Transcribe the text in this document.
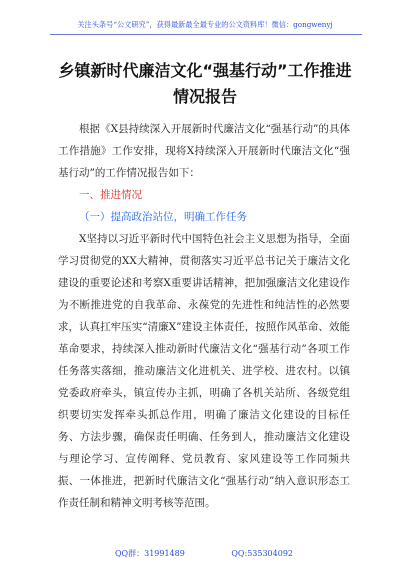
关注头条号“公文研究”，获得最新最全最专业的公文资料库！微信：gongwenyj
乡镇新时代廉洁文化“强基行动”工作推进情况报告

根据《X县持续深入开展新时代廉洁文化“强基行动”的具体工作措施》工作安排，现将X持续深入开展新时代廉洁文化“强基行动”的工作情况报告如下：

一、推进情况

（一）提高政治站位，明确工作任务

X坚持以习近平新时代中国特色社会主义思想为指导，全面学习贯彻党的XX大精神，贯彻落实习近平总书记关于廉洁文化建设的重要论述和考察X重要讲话精神，把加强廉洁文化建设作为不断推进党的自我革命、永葆党的先进性和纯洁性的必然要求，认真扛牢压实“清廉X”建设主体责任，按照作风革命、效能革命要求，持续深入推动新时代廉洁文化“强基行动”各项工作任务落实落细，推动廉洁文化进机关、进学校、进农村。以镇党委政府牵头，镇宣传办主抓，明确了各机关站所、各级党组织要切实发挥牵头抓总作用，明确了廉洁文化建设的目标任务、方法步骤，确保责任明确、任务到人，推动廉洁文化建设与理论学习、宣传阐释、党员教育、家风建设等工作同频共振、一体推进，把新时代廉洁文化“强基行动”纳入意识形态工作责任制和精神文明考核等范围。

QQ群：31991489	QQ:535304092
